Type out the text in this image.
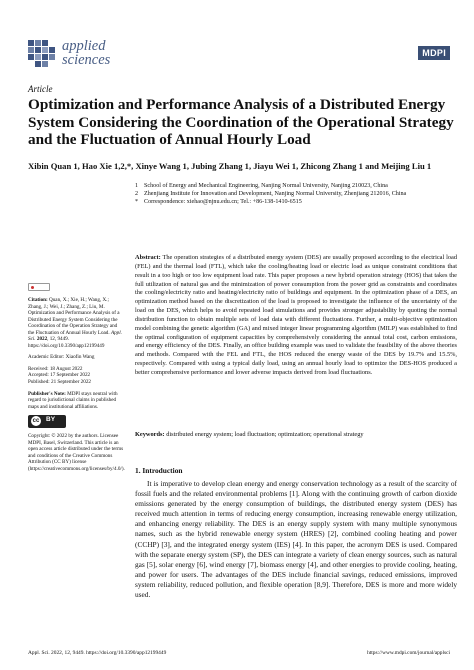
applied
sciences	MDPI
Article
Optimization and Performance Analysis of a Distributed Energy System Considering the Coordination of the Operational Strategy and the Fluctuation of Annual Hourly Load
Xibin Quan 1, Hao Xie 1,2,*, Xinye Wang 1, Jubing Zhang 1, Jiayu Wei 1, Zhicong Zhang 1 and Meijing Liu 1
1 School of Energy and Mechanical Engineering, Nanjing Normal University, Nanjing 210023, China
2 Zhenjiang Institute for Innovation and Development, Nanjing Normal University, Zhenjiang 212016, China
* Correspondence: xiehao@njnu.edu.cn; Tel.: +86-138-1410-6515
Abstract: The operation strategies of a distributed energy system (DES) are usually proposed according to the electrical load (FEL) and the thermal load (FTL), which take the cooling/heating load or electric load as unique constraint conditions that result in a too high or too low equipment load rate. This paper proposes a new hybrid operation strategy (HOS) that takes the full utilization of natural gas and the minimization of power consumption from the power grid as constraints and coordinates the cooling/electricity ratio and heating/electricity ratio of buildings and equipment. In the optimization phase of a DES, an optimization method based on the discretization of the load is proposed to investigate the influence of the uncertainty of the load on the DES, which helps to avoid repeated load simulations and provides stronger adjustability by quoting the normal distribution function to obtain multiple sets of load data with different fluctuations. Further, a multi-objective optimization model combining the genetic algorithm (GA) and mixed integer linear programming algorithm (MILP) was established to find the optimal configuration of equipment capacities by comprehensively considering the annual total cost, carbon emissions, and energy efficiency of the DES. Finally, an office building example was used to validate the feasibility of the above theories and methods. Compared with the FEL and FTL, the HOS reduced the energy waste of the DES by 19.7% and 15.5%, respectively. Compared with using a typical daily load, using an annual hourly load to optimize the DES-HOS produced a better comprehensive performance and lower adverse impacts derived from load fluctuations.
Keywords: distributed energy system; load fluctuation; optimization; operational strategy
Citation: Quan, X.; Xie, H.; Wang, X.; Zhang, J.; Wei, J.; Zhang, Z.; Liu, M. Optimization and Performance Analysis of a Distributed Energy System Considering the Coordination of the Operation Strategy and the Fluctuation of Annual Hourly Load. Appl. Sci. 2022, 12, 9449. https://doi.org/10.3390/app12199449
Academic Editor: Xiaofin Wang
Received: 18 August 2022
Accepted: 17 September 2022
Published: 21 September 2022
Publisher's Note: MDPI stays neutral with regard to jurisdictional claims in published maps and institutional affiliations.
cc BY
Copyright: © 2022 by the authors. Licensee MDPI, Basel, Switzerland. This article is an open access article distributed under the terms and conditions of the Creative Commons Attribution (CC BY) license (https://creativecommons.org/licenses/by/4.0/). 1. Introduction
It is imperative to develop clean energy and energy conservation technology as a result of the scarcity of fossil fuels and the related environmental problems [1]. Along with the continuing growth of carbon dioxide emissions generated by the energy consumption of buildings, the distributed energy system (DES) has received much attention in terms of reducing energy consumption, increasing renewable energy utilization, and enhancing energy reliability. The DES is an energy supply system with many multiple synonymous names, such as the hybrid renewable energy system (HRES) [2], combined cooling heating and power (CCHP) [3], and the integrated energy system (IES) [4]. In this paper, the acronym DES is used. Compared with the separate energy system (SP), the DES can integrate a variety of clean energy sources, such as natural gas [5], solar energy [6], wind energy [7], biomass energy [4], and other energies to provide cooling, heating, and power for users. The advantages of the DES include financial savings, reduced emissions, improved system reliability, reduced pollution, and flexible operation [8,9]. Therefore, DES is more and more widely used.
Appl. Sci. 2022, 12, 9449. https://doi.org/10.3390/app12199449	https://www.mdpi.com/journal/applsci
